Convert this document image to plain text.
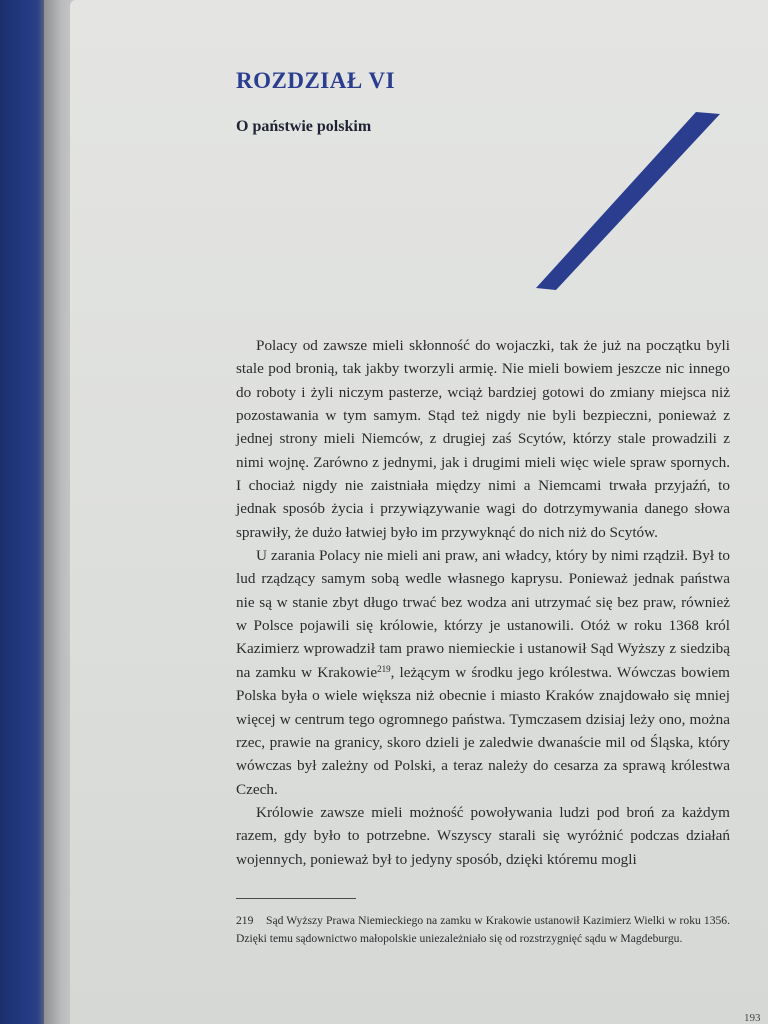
ROZDZIAŁ VI
O państwie polskim

Polacy od zawsze mieli skłonność do wojaczki, tak że już na początku byli stale pod bronią, tak jakby tworzyli armię. Nie mieli bowiem jeszcze nic innego do roboty i żyli niczym pasterze, wciąż bardziej gotowi do zmiany miejsca niż pozostawania w tym samym. Stąd też nigdy nie byli bezpieczni, ponieważ z jednej strony mieli Niemców, z drugiej zaś Scytów, którzy stale prowadzili z nimi wojnę. Zarówno z jednymi, jak i drugimi mieli więc wiele spraw spornych. I chociaż nigdy nie zaistniała między nimi a Niemcami trwała przyjaźń, to jednak sposób życia i przywiązywanie wagi do dotrzymywania danego słowa sprawiły, że dużo łatwiej było im przywyknąć do nich niż do Scytów.

U zarania Polacy nie mieli ani praw, ani władcy, który by nimi rządził. Był to lud rządzący samym sobą wedle własnego kaprysu. Ponieważ jednak państwa nie są w stanie zbyt długo trwać bez wodza ani utrzymać się bez praw, również w Polsce pojawili się królowie, którzy je ustanowili. Otóż w roku 1368 król Kazimierz wprowadził tam prawo niemieckie i ustanowił Sąd Wyższy z siedzibą na zamku w Krakowie$^{219}$, leżącym w środku jego królestwa. Wówczas bowiem Polska była o wiele większa niż obecnie i miasto Kraków znajdowało się mniej więcej w centrum tego ogromnego państwa. Tymczasem dzisiaj leży ono, można rzec, prawie na granicy, skoro dzieli je zaledwie dwanaście mil od Śląska, który wówczas był zależny od Polski, a teraz należy do cesarza za sprawą królestwa Czech.

Królowie zawsze mieli możność powoływania ludzi pod broń za każdym razem, gdy było to potrzebne. Wszyscy starali się wyróżnić podczas działań wojennych, ponieważ był to jedyny sposób, dzięki któremu mogli

219 Sąd Wyższy Prawa Niemieckiego na zamku w Krakowie ustanowił Kazimierz Wielki w roku 1356. Dzięki temu sądownictwo małopolskie uniezależniało się od rozstrzygnięć sądu w Magdeburgu.

193
